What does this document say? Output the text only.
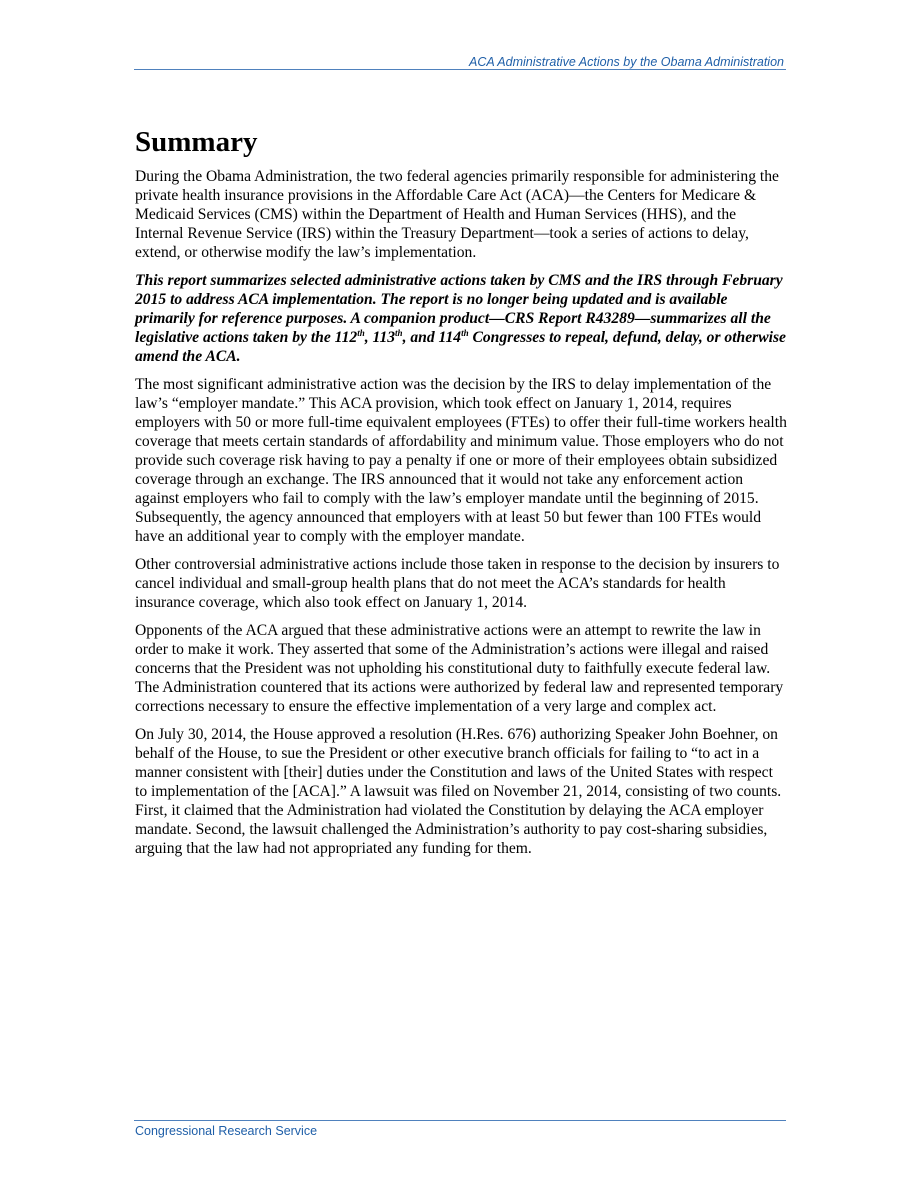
ACA Administrative Actions by the Obama Administration
Summary

During the Obama Administration, the two federal agencies primarily responsible for administering the private health insurance provisions in the Affordable Care Act (ACA)—the Centers for Medicare & Medicaid Services (CMS) within the Department of Health and Human Services (HHS), and the Internal Revenue Service (IRS) within the Treasury Department—took a series of actions to delay, extend, or otherwise modify the law’s implementation.

This report summarizes selected administrative actions taken by CMS and the IRS through February 2015 to address ACA implementation. The report is no longer being updated and is available primarily for reference purposes. A companion product—CRS Report R43289—summarizes all the legislative actions taken by the 112th, 113th, and 114th Congresses to repeal, defund, delay, or otherwise amend the ACA.

The most significant administrative action was the decision by the IRS to delay implementation of the law’s “employer mandate.” This ACA provision, which took effect on January 1, 2014, requires employers with 50 or more full-time equivalent employees (FTEs) to offer their full-time workers health coverage that meets certain standards of affordability and minimum value. Those employers who do not provide such coverage risk having to pay a penalty if one or more of their employees obtain subsidized coverage through an exchange. The IRS announced that it would not take any enforcement action against employers who fail to comply with the law’s employer mandate until the beginning of 2015. Subsequently, the agency announced that employers with at least 50 but fewer than 100 FTEs would have an additional year to comply with the employer mandate.

Other controversial administrative actions include those taken in response to the decision by insurers to cancel individual and small-group health plans that do not meet the ACA’s standards for health insurance coverage, which also took effect on January 1, 2014.

Opponents of the ACA argued that these administrative actions were an attempt to rewrite the law in order to make it work. They asserted that some of the Administration’s actions were illegal and raised concerns that the President was not upholding his constitutional duty to faithfully execute federal law. The Administration countered that its actions were authorized by federal law and represented temporary corrections necessary to ensure the effective implementation of a very large and complex act.

On July 30, 2014, the House approved a resolution (H.Res. 676) authorizing Speaker John Boehner, on behalf of the House, to sue the President or other executive branch officials for failing to “to act in a manner consistent with [their] duties under the Constitution and laws of the United States with respect to implementation of the [ACA].” A lawsuit was filed on November 21, 2014, consisting of two counts. First, it claimed that the Administration had violated the Constitution by delaying the ACA employer mandate. Second, the lawsuit challenged the Administration’s authority to pay cost-sharing subsidies, arguing that the law had not appropriated any funding for them.

Congressional Research Service
